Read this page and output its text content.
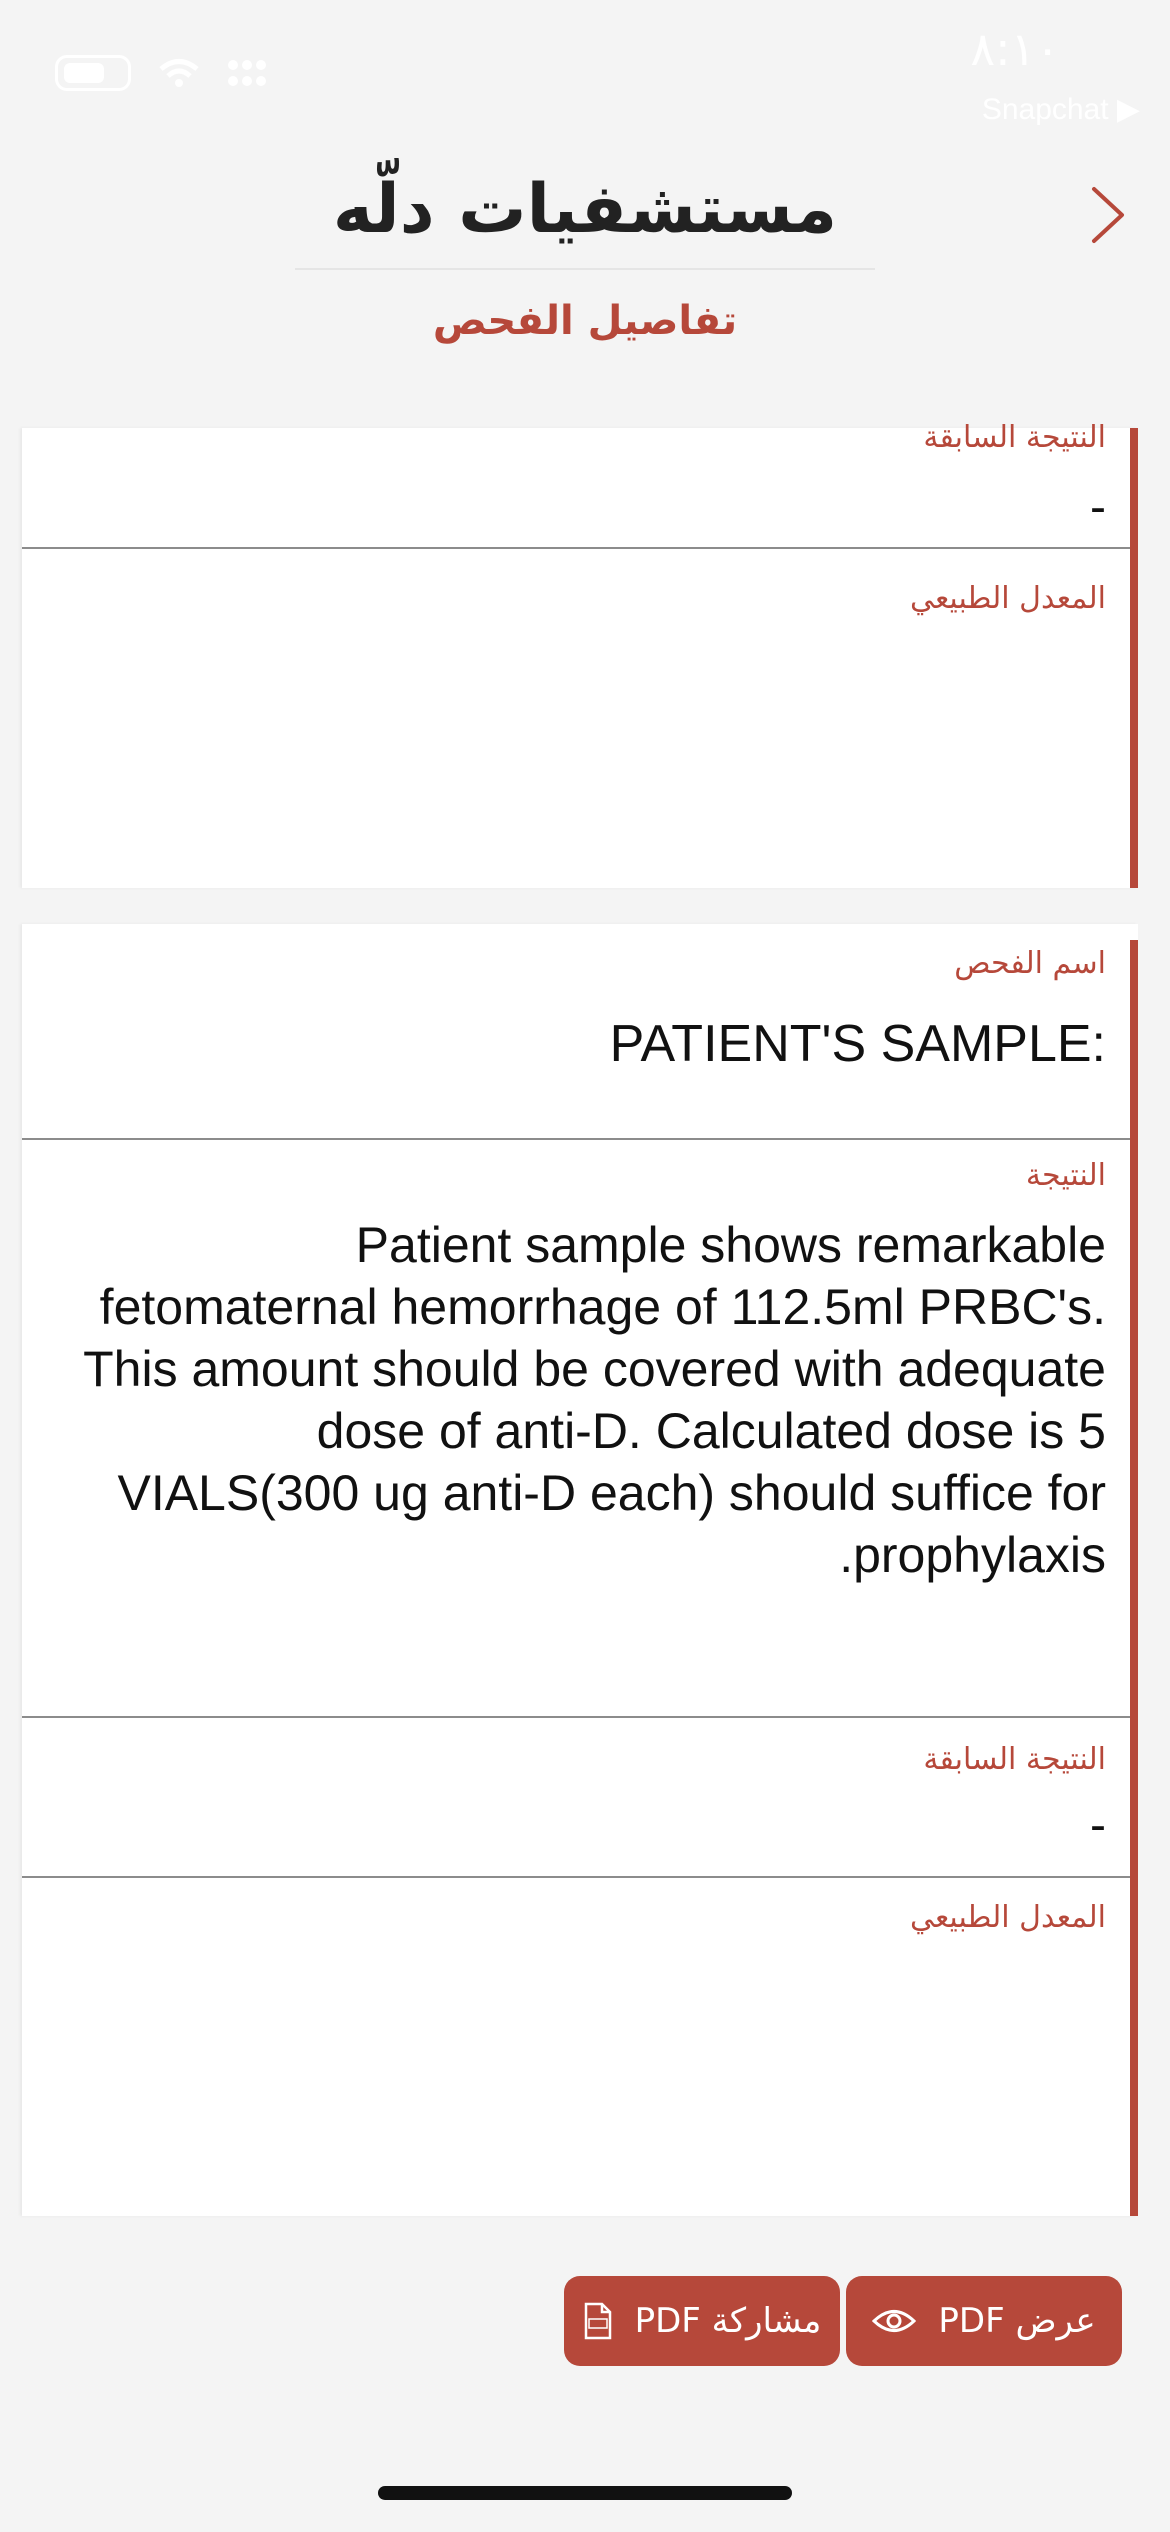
٨:١٠
Snapchat ▶
مستشفيات دلّه
تفاصيل الفحص
النتيجة السابقة
-
المعدل الطبيعي
اسم الفحص
PATIENT'S SAMPLE:
النتيجة
Patient sample shows remarkable fetomaternal hemorrhage of 112.5ml PRBC's. This amount should be covered with adequate dose of anti-D. Calculated dose is 5 VIALS(300 ug anti-D each) should suffice for prophylaxis.
النتيجة السابقة
-
المعدل الطبيعي
عرض PDF
مشاركة PDF
